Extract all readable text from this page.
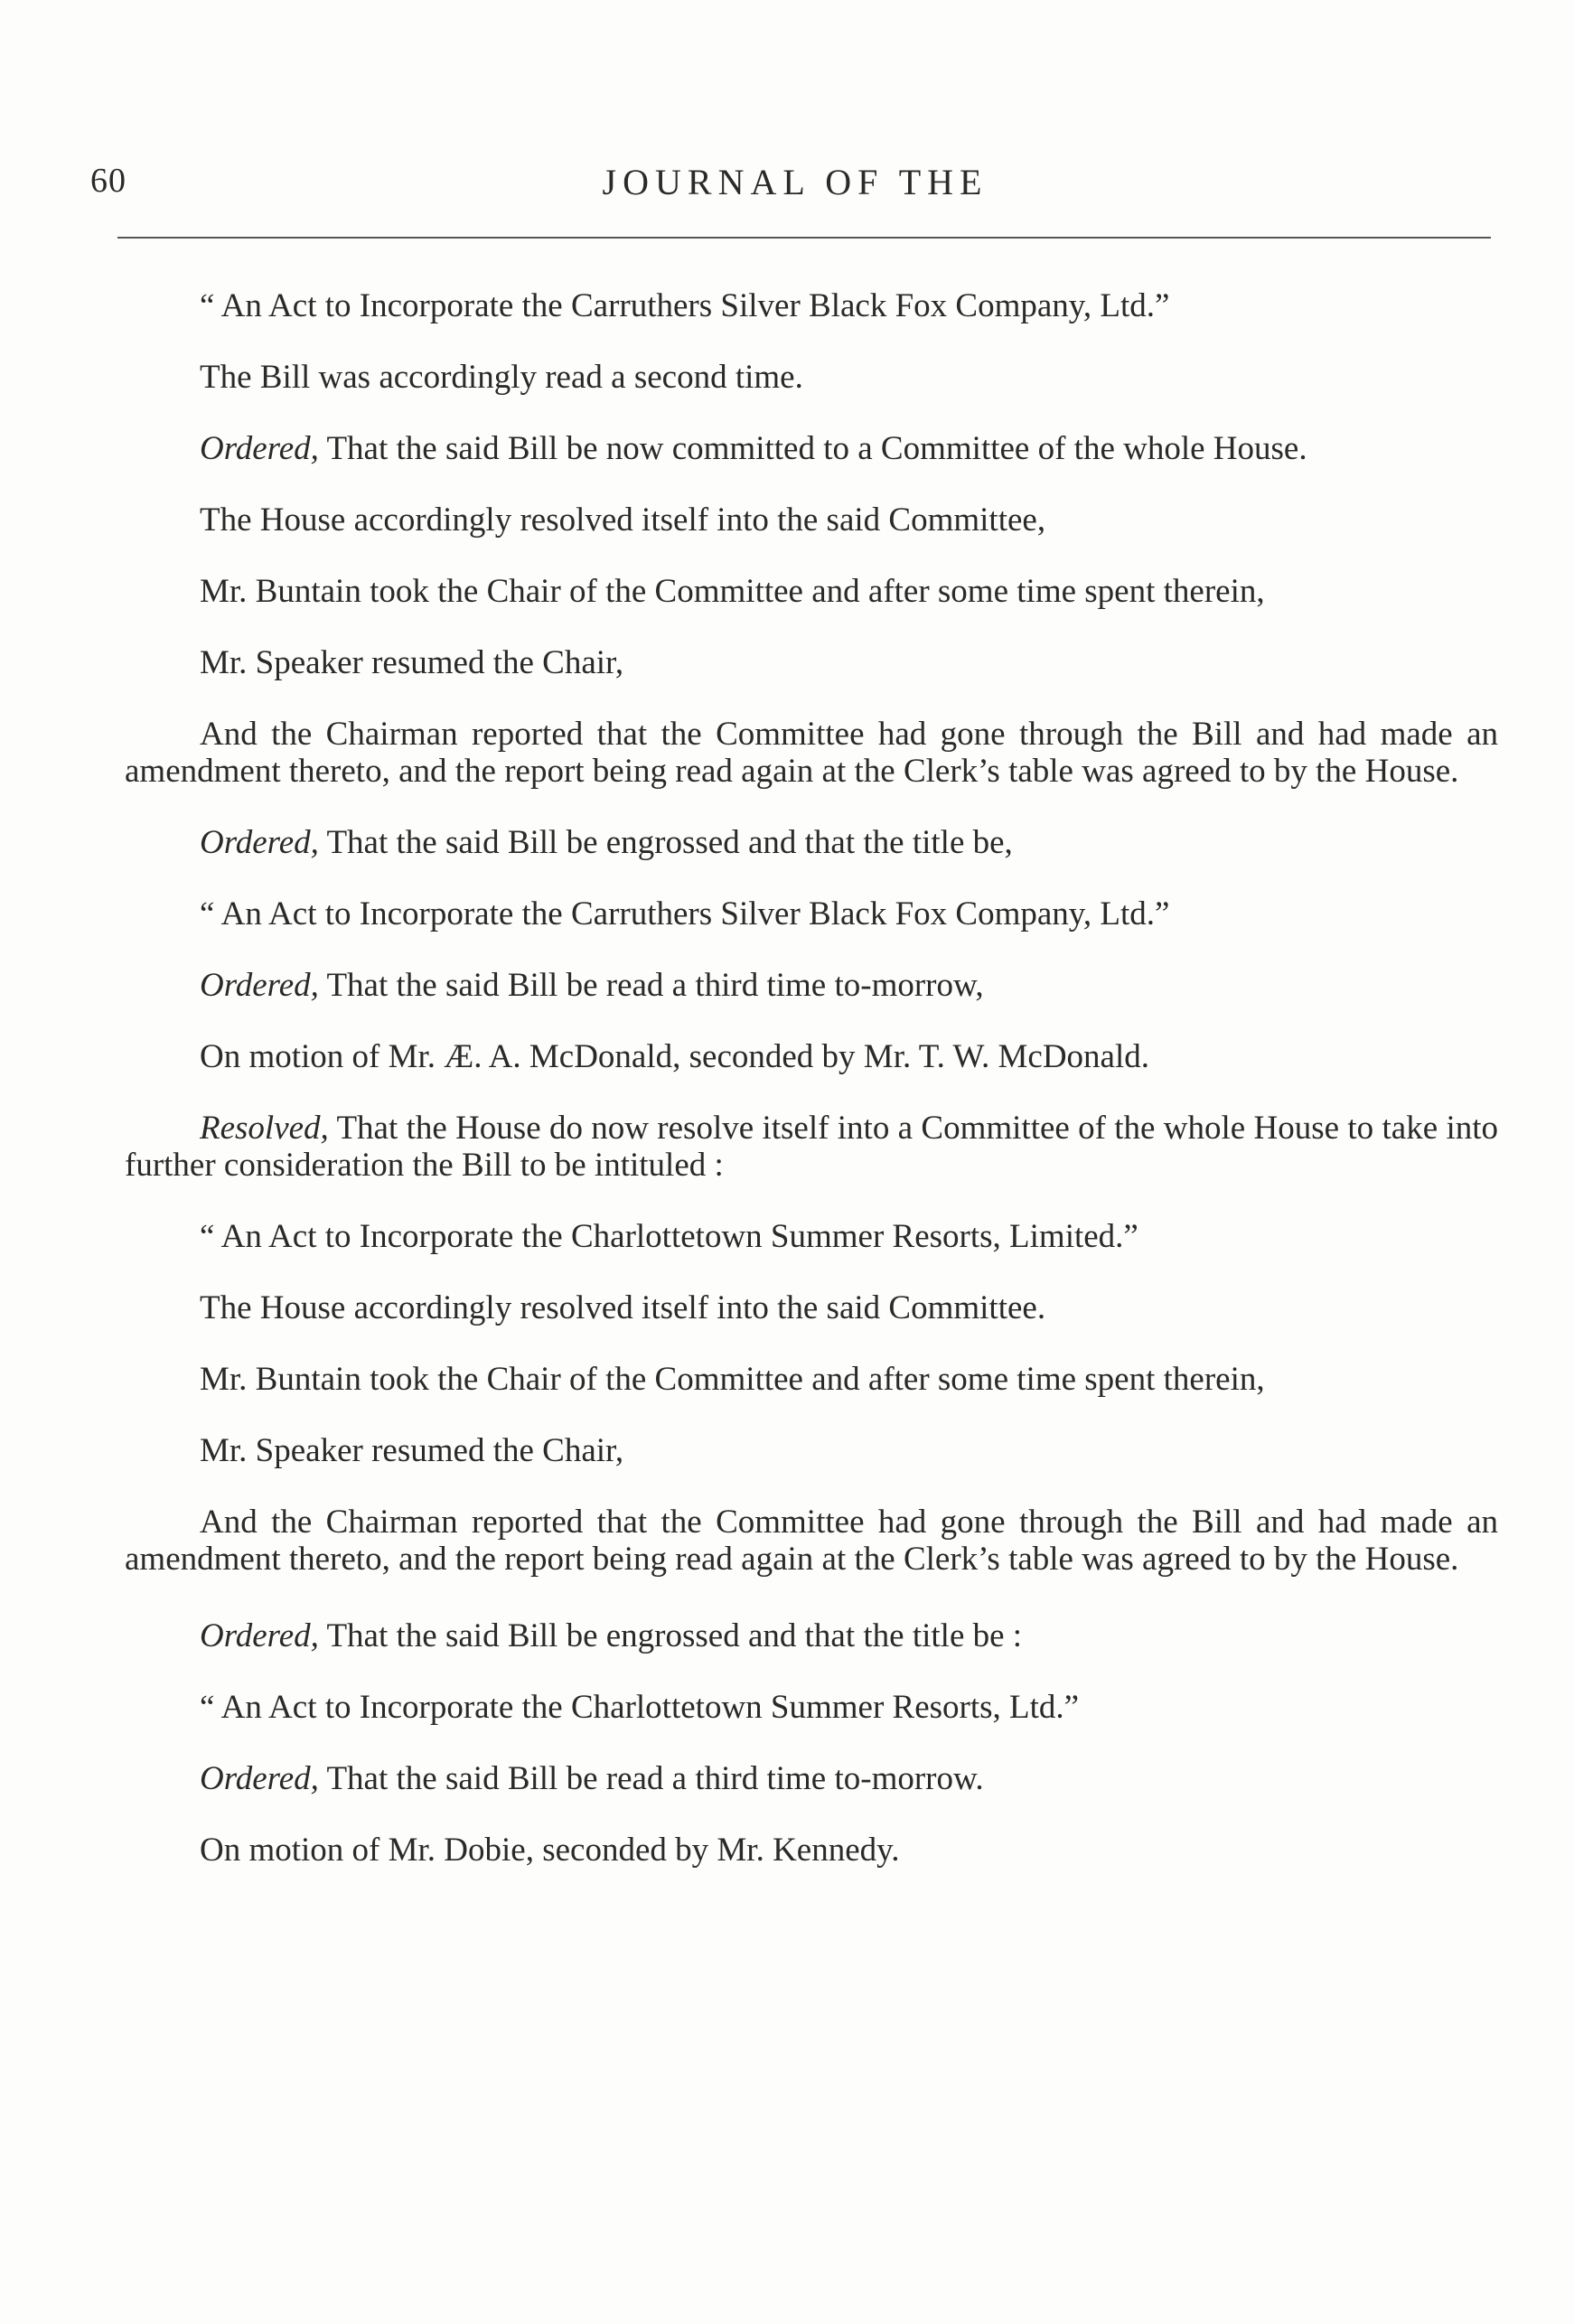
60	JOURNAL OF THE

“ An Act to Incorporate the Carruthers Silver Black Fox Company, Ltd.”

The Bill was accordingly read a second time.

Ordered, That the said Bill be now committed to a Committee of the whole House.

The House accordingly resolved itself into the said Committee,

Mr. Buntain took the Chair of the Committee and after some time spent therein,

Mr. Speaker resumed the Chair,

And the Chairman reported that the Committee had gone through the Bill and had made an amendment thereto, and the report being read again at the Clerk’s table was agreed to by the House.

Ordered, That the said Bill be engrossed and that the title be,

“ An Act to Incorporate the Carruthers Silver Black Fox Company, Ltd.”

Ordered, That the said Bill be read a third time to-morrow,

On motion of Mr. Æ. A. McDonald, seconded by Mr. T. W. McDonald.

Resolved, That the House do now resolve itself into a Committee of the whole House to take into further consideration the Bill to be intituled :

“ An Act to Incorporate the Charlottetown Summer Resorts, Limited.”

The House accordingly resolved itself into the said Committee.

Mr. Buntain took the Chair of the Committee and after some time spent therein,

Mr. Speaker resumed the Chair,

And the Chairman reported that the Committee had gone through the Bill and had made an amendment thereto, and the report being read again at the Clerk’s table was agreed to by the House.

Ordered, That the said Bill be engrossed and that the title be :

“ An Act to Incorporate the Charlottetown Summer Resorts, Ltd.”

Ordered, That the said Bill be read a third time to-morrow.

On motion of Mr. Dobie, seconded by Mr. Kennedy.
